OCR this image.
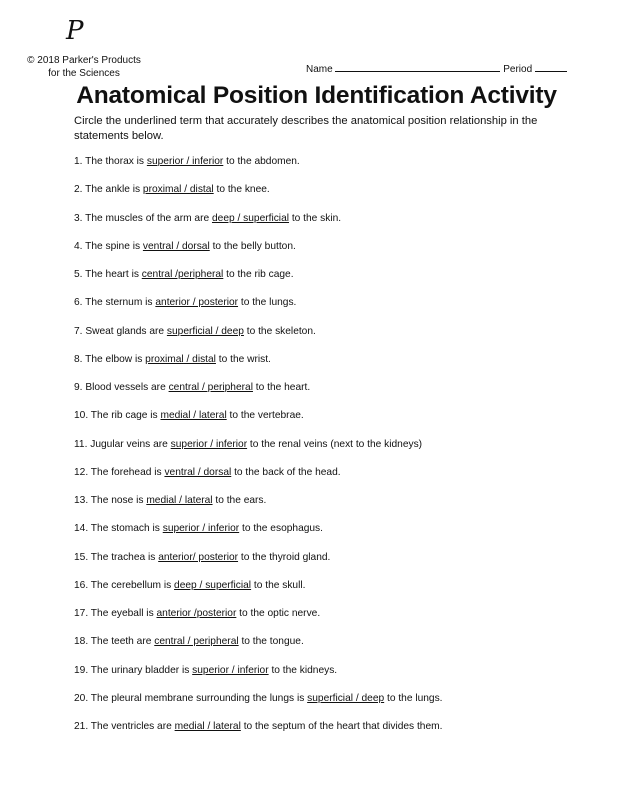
P
© 2018 Parker's Products
for the Sciences	Name	Period
Anatomical Position Identification Activity
Circle the underlined term that accurately describes the anatomical position relationship in the statements below.
1. The thorax is superior / inferior to the abdomen.
2. The ankle is proximal / distal to the knee.
3. The muscles of the arm are deep / superficial to the skin.
4. The spine is ventral / dorsal to the belly button.
5. The heart is central /peripheral to the rib cage.
6. The sternum is anterior / posterior to the lungs.
7. Sweat glands are superficial / deep to the skeleton.
8. The elbow is proximal / distal to the wrist.
9. Blood vessels are central / peripheral to the heart.
10. The rib cage is medial / lateral to the vertebrae.
11. Jugular veins are superior / inferior to the renal veins (next to the kidneys)
12. The forehead is ventral / dorsal to the back of the head.
13. The nose is medial / lateral to the ears.
14. The stomach is superior / inferior to the esophagus.
15. The trachea is anterior/ posterior to the thyroid gland.
16. The cerebellum is deep / superficial to the skull.
17. The eyeball is anterior /posterior to the optic nerve.
18. The teeth are central / peripheral to the tongue.
19. The urinary bladder is superior / inferior to the kidneys.
20. The pleural membrane surrounding the lungs is superficial / deep to the lungs.
21. The ventricles are medial / lateral to the septum of the heart that divides them.
